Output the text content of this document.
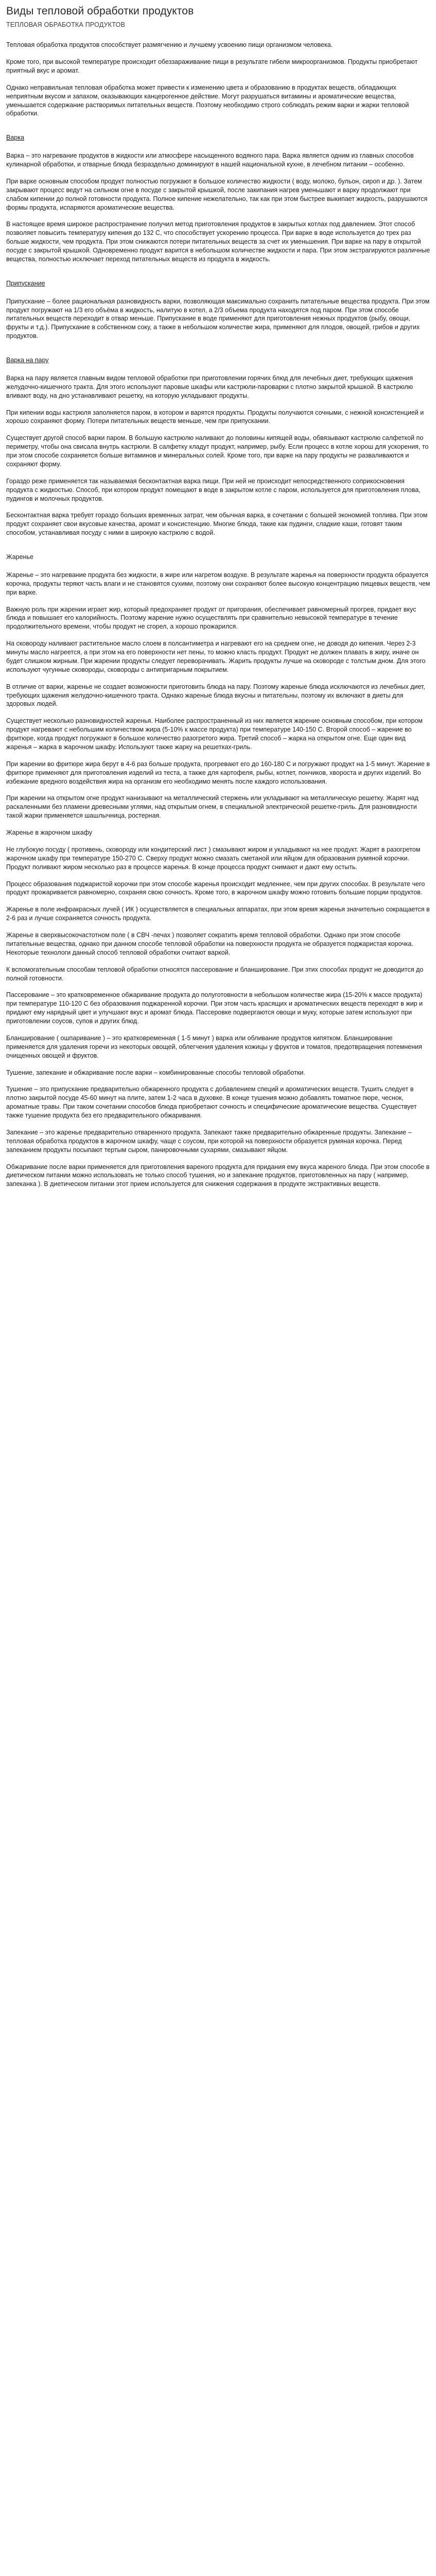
Виды тепловой обработки продуктов
ТЕПЛОВАЯ ОБРАБОТКА ПРОДУКТОВ

Тепловая обработка продуктов способствует размягчению и лучшему усвоению пищи организмом человека.

Кроме того, при высокой температуре происходит обеззараживание пищи в результате гибели микроорганизмов. Продукты приобретают приятный вкус и аромат.

Однако неправильная тепловая обработка может привести к изменению цвета и образованию в продуктах веществ, обладающих неприятным вкусом и запахом, оказывающих канцерогенное действие. Могут разрушаться витамины и ароматические вещества, уменьшается содержание растворимых питательных веществ. Поэтому необходимо строго соблюдать режим варки и жарки тепловой обработки.

Варка

Варка – это нагревание продуктов в жидкости или атмосфере насыщенного водяного пара. Варка является одним из главных способов кулинарной обработки, и отварные блюда безраздельно доминируют в нашей национальной кухне, в лечебном питании – особенно.

При варке основным способом продукт полностью погружают в большое количество жидкости ( воду, молоко, бульон, сироп и др. ). Затем закрывают процесс ведут на сильном огне в посуде с закрытой крышкой, после закипания нагрев уменьшают и варку продолжают при слабом кипении до полной готовности продукта. Полное кипение нежелательно, так как при этом быстрее выкипает жидкость, разрушаются формы продукта, испаряются ароматические вещества.

В настоящее время широкое распространение получил метод приготовления продуктов в закрытых котлах под давлением. Этот способ позволяет повысить температуру кипения до 132 С, что способствует ускорению процесса. При варке в воде используется до трех раз больше жидкости, чем продукта. При этом снижаются потери питательных веществ за счет их уменьшения. При варке на пару в открытой посуде с закрытой крышкой. Одновременно продукт варится в небольшом количестве жидкости и пара. При этом экстрагируются различные вещества, полностью исключает переход питательных веществ из продукта в жидкость.

Припускание

Припускание – более рациональная разновидность варки, позволяющая максимально сохранить питательные вещества продукта. При этом продукт погружают на 1/3 его объёма в жидкость, налитую в котел, а 2/3 объема продукта находятся под паром. При этом способе питательных веществ переходит в отвар меньше. Припускание в воде применяют для приготовления нежных продуктов (рыбу, овощи, фрукты и т.д.). Припускание в собственном соку, а также в небольшом количестве жира, применяют для плодов, овощей, грибов и других продуктов.

Варка на пару

Варка на пару является главным видом тепловой обработки при приготовлении горячих блюд для лечебных диет, требующих щажения желудочно-кишечного тракта. Для этого используют паровые шкафы или кастрюли-пароварки с плотно закрытой крышкой. В кастрюлю вливают воду, на дно устанавливают решетку, на которую укладывают продукты.

При кипении воды кастрюля заполняется паром, в котором и варятся продукты. Продукты получаются сочными, с нежной консистенцией и хорошо сохраняют форму. Потери питательных веществ меньше, чем при припускании.

Существует другой способ варки паром. В большую кастрюлю наливают до половины кипящей воды, обвязывают кастрюлю салфеткой по периметру, чтобы она свисала внутрь кастрюли. В салфетку кладут продукт, например, рыбу. Если процесс в котле хорош для ускорения, то при этом способе сохраняется больше витаминов и минеральных солей. Кроме того, при варке на пару продукты не разваливаются и сохраняют форму.

Гораздо реже применяется так называемая бесконтактная варка пищи. При ней не происходит непосредственного соприкосновения продукта с жидкостью. Способ, при котором продукт помещают в воде в закрытом котле с паром, используется для приготовления плова, пудингов и молочных продуктов.

Бесконтактная варка требует гораздо больших временных затрат, чем обычная варка, в сочетании с большей экономией топлива. При этом продукт сохраняет свои вкусовые качества, аромат и консистенцию. Многие блюда, такие как пудинги, сладкие каши, готовят таким способом, устанавливая посуду с ними в широкую кастрюлю с водой.

Жаренье

Жаренье – это нагревание продукта без жидкости, в жире или нагретом воздухе. В результате жаренья на поверхности продукта образуется корочка, продукты теряют часть влаги и не становятся сухими, поэтому они сохраняют более высокую концентрацию пищевых веществ, чем при варке.

Важную роль при жарении играет жир, который предохраняет продукт от пригорания, обеспечивает равномерный прогрев, придает вкус блюда и повышает его калорийность. Поэтому жарение нужно осуществлять при сравнительно невысокой температуре в течение продолжительного времени, чтобы продукт не сгорел, а хорошо прожарился.

На сковороду наливают растительное масло слоем в полсантиметра и нагревают его на среднем огне, не доводя до кипения. Через 2-3 минуты масло нагреется, а при этом на его поверхности нет пены, то можно класть продукт. Продукт не должен плавать в жиру, иначе он будет слишком жирным. При жарении продукты следует переворачивать. Жарить продукты лучше на сковороде с толстым дном. Для этого используют чугунные сковороды, сковороды с антипригарным покрытием.

В отличие от варки, жаренье не создает возможности приготовить блюда на пару. Поэтому жареные блюда исключаются из лечебных диет, требующих щажения желудочно-кишечного тракта. Однако жареные блюда вкусны и питательны, поэтому их включают в диеты для здоровых людей.

Существует несколько разновидностей жаренья. Наиболее распространенный из них является жарение основным способом, при котором продукт нагревают с небольшим количеством жира (5-10% к массе продукта) при температуре 140-150 С. Второй способ – жарение во фритюре, когда продукт погружают в большое количество разогретого жира. Третий способ – жарка на открытом огне. Еще один вид жаренья – жарка в жарочном шкафу. Используют также жарку на решетках-гриль.

При жарении во фритюре жира берут в 4-6 раз больше продукта, прогревают его до 160-180 С и погружают продукт на 1-5 минут. Жарение в фритюре применяют для приготовления изделий из теста, а также для картофеля, рыбы, котлет, пончиков, хвороста и других изделий. Во избежание вредного воздействия жира на организм его необходимо менять после каждого использования.

При жарении на открытом огне продукт нанизывают на металлический стержень или укладывают на металлическую решетку. Жарят над раскаленными без пламени древесными углями, над открытым огнем, в специальной электрической решетке-гриль. Для разновидности такой жарки применяется шашлычница, ростерная.

Жаренье в жарочном шкафу

Не глубокую посуду ( противень, сковороду или кондитерский лист ) смазывают жиром и укладывают на нее продукт. Жарят в разогретом жарочном шкафу при температуре 150-270 С. Сверху продукт можно смазать сметаной или яйцом для образования румяной корочки. Продукт поливают жиром несколько раз в процессе жаренья. В конце процесса продукт снимают и дают ему остыть.

Процесс образования поджаристой корочки при этом способе жаренья происходит медленнее, чем при других способах. В результате чего продукт прожаривается равномерно, сохраняя свою сочность. Кроме того, в жарочном шкафу можно готовить большие порции продуктов.

Жаренье в поле инфракрасных лучей ( ИК ) осуществляется в специальных аппаратах, при этом время жаренья значительно сокращается в 2-6 раз и лучше сохраняется сочность продукта.

Жаренье в сверхвысокочастотном поле ( в СВЧ -печах ) позволяет сократить время тепловой обработки. Однако при этом способе питательные вещества, однако при данном способе тепловой обработки на поверхности продукта не образуется поджаристая корочка. Некоторые технологи данный способ тепловой обработки считают варкой.

К вспомогательным способам тепловой обработки относятся пассерование и бланширование. При этих способах продукт не доводится до полной готовности.

Пассерование – это кратковременное обжаривание продукта до полуготовности в небольшом количестве жира (15-20% к массе продукта) при температуре 110-120 С без образования поджаренной корочки. При этом часть красящих и ароматических веществ переходят в жир и придают ему нарядный цвет и улучшают вкус и аромат блюда. Пассеровке подвергаются овощи и муку, которые затем используют при приготовлении соусов, супов и других блюд.

Бланширование ( ошпаривание ) – это кратковременная ( 1-5 минут ) варка или обливание продуктов кипятком. Бланширование применяется для удаления горечи из некоторых овощей, облегчения удаления кожицы у фруктов и томатов, предотвращения потемнения очищенных овощей и фруктов.

Тушение, запекание и обжаривание после варки – комбинированные способы тепловой обработки.

Тушение – это припускание предварительно обжаренного продукта с добавлением специй и ароматических веществ. Тушить следует в плотно закрытой посуде 45-60 минут на плите, затем 1-2 часа в духовке. В конце тушения можно добавлять томатное пюре, чеснок, ароматные травы. При таком сочетании способов блюда приобретают сочность и специфические ароматические вещества. Существует также тушение продукта без его предварительного обжаривания.

Запекание – это жаренье предварительно отваренного продукта. Запекают также предварительно обжаренные продукты. Запекание – тепловая обработка продуктов в жарочном шкафу, чаще с соусом, при которой на поверхности образуется румяная корочка. Перед запеканием продукты посыпают тертым сыром, панировочными сухарями, смазывают яйцом.

Обжаривание после варки применяется для приготовления вареного продукта для придания ему вкуса жареного блюда. При этом способе в диетическом питании можно использовать не только способ тушения, но и запекание продуктов, приготовленных на пару ( например, запеканка ). В диетическом питании этот прием используется для снижения содержания в продукте экстрактивных веществ.
